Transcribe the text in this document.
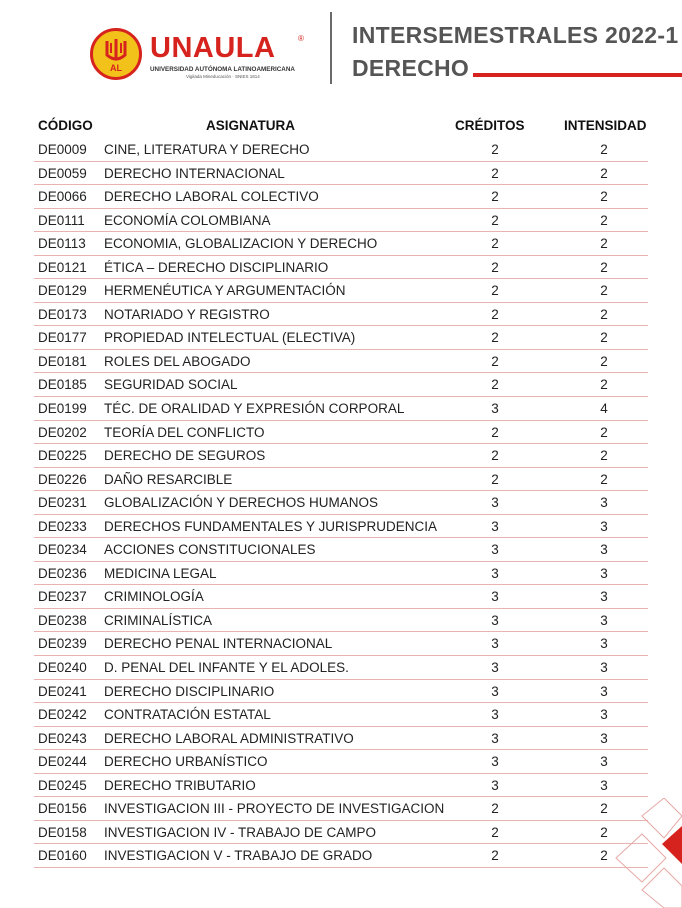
AL
UNAULA	®
UNIVERSIDAD AUTÓNOMA LATINOAMERICANA
Vigilada Mineducación · SNIES 1814
INTERSEMESTRALES 2022-1
DERECHO
CÓDIGO	ASIGNATURA	CRÉDITOS	INTENSIDAD
DE0009 CINE, LITERATURA Y DERECHO	2	2
DE0059 DERECHO INTERNACIONAL	2	2
DE0066 DERECHO LABORAL COLECTIVO	2	2
DE0111 ECONOMÍA COLOMBIANA	2	2
DE0113 ECONOMIA, GLOBALIZACION Y DERECHO	2	2
DE0121 ÉTICA – DERECHO DISCIPLINARIO	2	2
DE0129 HERMENÉUTICA Y ARGUMENTACIÓN	2	2
DE0173 NOTARIADO Y REGISTRO	2	2
DE0177 PROPIEDAD INTELECTUAL (ELECTIVA)	2	2
DE0181 ROLES DEL ABOGADO	2	2
DE0185 SEGURIDAD SOCIAL	2	2
DE0199 TÉC. DE ORALIDAD Y EXPRESIÓN CORPORAL	3	4
DE0202 TEORÍA DEL CONFLICTO	2	2
DE0225 DERECHO DE SEGUROS	2	2
DE0226 DAÑO RESARCIBLE	2	2
DE0231 GLOBALIZACIÓN Y DERECHOS HUMANOS	3	3
DE0233 DERECHOS FUNDAMENTALES Y JURISPRUDENCIA	3	3
DE0234 ACCIONES CONSTITUCIONALES	3	3
DE0236 MEDICINA LEGAL	3	3
DE0237 CRIMINOLOGÍA	3	3
DE0238 CRIMINALÍSTICA	3	3
DE0239 DERECHO PENAL INTERNACIONAL	3	3
DE0240 D. PENAL DEL INFANTE Y EL ADOLES.	3	3
DE0241 DERECHO DISCIPLINARIO	3	3
DE0242 CONTRATACIÓN ESTATAL	3	3
DE0243 DERECHO LABORAL ADMINISTRATIVO	3	3
DE0244 DERECHO URBANÍSTICO	3	3
DE0245 DERECHO TRIBUTARIO	3	3
DE0156 INVESTIGACION III - PROYECTO DE INVESTIGACION	2	2
DE0158 INVESTIGACION IV - TRABAJO DE CAMPO	2	2
DE0160 INVESTIGACION V - TRABAJO DE GRADO	2	2
